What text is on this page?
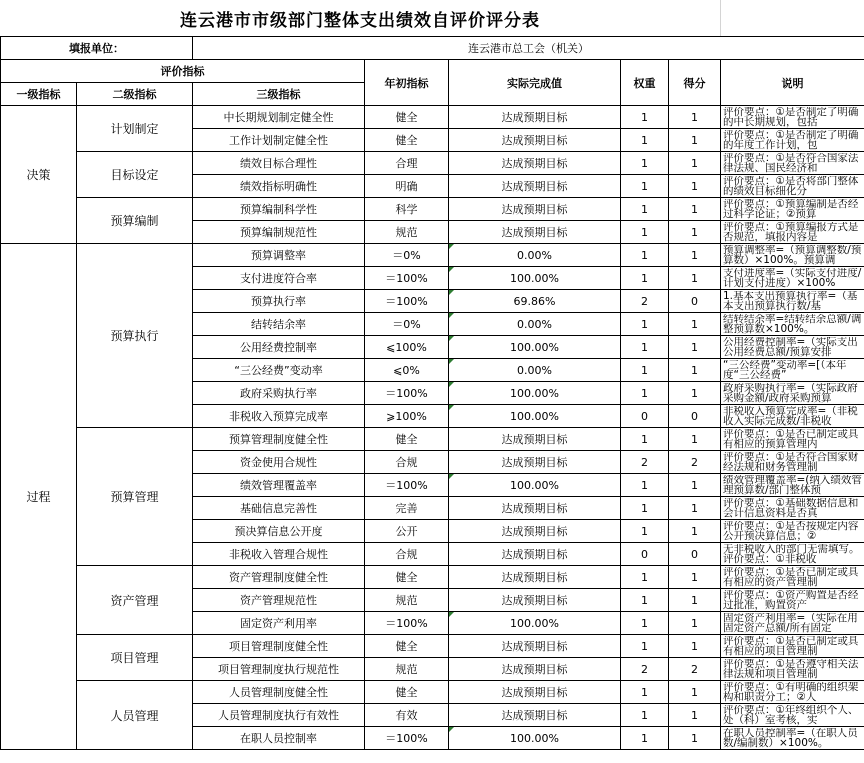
连云港市市级部门整体支出绩效自评价评分表
填报单位：		连云港市总工会（机关）					
评价指标			年初指标	实际完成值	权重	得分	说明
一级指标	二级指标	三级指标					
决策	计划制定	中长期规划制定健全性	健全	达成预期目标	1	1	评价要点：①是否制定了明确的中长期规划，包括

		工作计划制定健全性	健全	达成预期目标	1	1	评价要点：①是否制定了明确的年度工作计划，包

	目标设定	绩效目标合理性	合理	达成预期目标	1	1	评价要点：①是否符合国家法律法规、国民经济和

		绩效指标明确性	明确	达成预期目标	1	1	评价要点：①是否将部门整体的绩效目标细化分

	预算编制	预算编制科学性	科学	达成预期目标	1	1	评价要点：①预算编制是否经过科学论证；②预算

		预算编制规范性	规范	达成预期目标	1	1	评价要点：①预算编报方式是否规范，填报内容是

过程	预算执行	预算调整率	＝0%	0.00%	1	1	预算调整率=（预算调整数/预算数）×100%。预算调

		支付进度符合率	＝100%	100.00%	1	1	支付进度率=（实际支付进度/计划支付进度）×100%

		预算执行率	＝100%	69.86%	2	0	1.基本支出预算执行率=（基本支出预算执行数/基

		结转结余率	＝0%	0.00%	1	1	结转结余率=结转结余总额/调整预算数×100%。

		公用经费控制率	⩽100%	100.00%	1	1	公用经费控制率=（实际支出公用经费总额/预算安排

		“三公经费”变动率	⩽0%	0.00%	1	1	“三公经费”变动率=[（本年度“三公经费”

		政府采购执行率	＝100%	100.00%	1	1	政府采购执行率=（实际政府采购金额/政府采购预算

		非税收入预算完成率	⩾100%	100.00%	0	0	非税收入预算完成率=（非税收入实际完成数/非税收

	预算管理	预算管理制度健全性	健全	达成预期目标	1	1	评价要点：①是否已制定或具有相应的预算管理内

		资金使用合规性	合规	达成预期目标	2	2	评价要点：①是否符合国家财经法规和财务管理制

		绩效管理覆盖率	＝100%	100.00%	1	1	绩效管理覆盖率=(纳入绩效管理预算数/部门整体预

		基础信息完善性	完善	达成预期目标	1	1	评价要点：①基础数据信息和会计信息资料是否真

		预决算信息公开度	公开	达成预期目标	1	1	评价要点：①是否按规定内容公开预决算信息；②

		非税收入管理合规性	合规	达成预期目标	0	0	无非税收入的部门无需填写。评价要点：①非税收

	资产管理	资产管理制度健全性	健全	达成预期目标	1	1	评价要点：①是否已制定或具有相应的资产管理制

		资产管理规范性	规范	达成预期目标	1	1	评价要点：①资产购置是否经过批准，购置资产

		固定资产利用率	＝100%	100.00%	1	1	固定资产利用率=（实际在用固定资产总额/所有固定

	项目管理	项目管理制度健全性	健全	达成预期目标	1	1	评价要点：①是否已制定或具有相应的项目管理制

		项目管理制度执行规范性	规范	达成预期目标	2	2	评价要点：①是否遵守相关法律法规和项目管理制

	人员管理	人员管理制度健全性	健全	达成预期目标	1	1	评价要点：①有明确的组织架构和职责分工；②人

		人员管理制度执行有效性	有效	达成预期目标	1	1	评价要点：①年终组织个人、处（科）室考核，实

		在职人员控制率	＝100%	100.00%	1	1	在职人员控制率=（在职人员数/编制数）×100%。
